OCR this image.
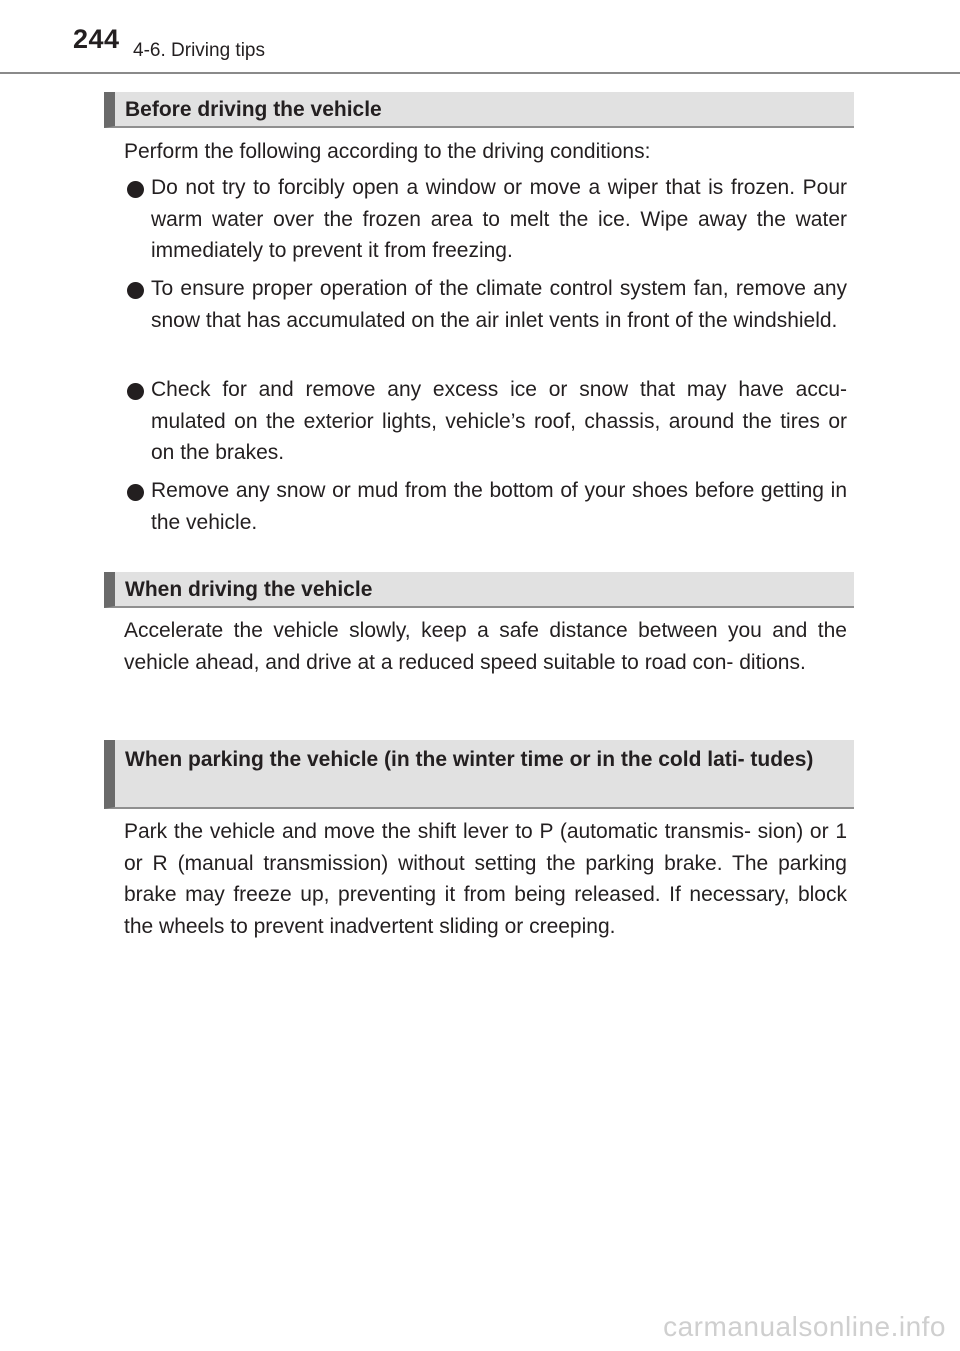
244 4-6. Driving tips
Before driving the vehicle

Perform the following according to the driving conditions:

Do not try to forcibly open a window or move a wiper that is frozen. Pour warm water over the frozen area to melt the ice. Wipe away the water immediately to prevent it from freezing.
To ensure proper operation of the climate control system fan, remove any snow that has accumulated on the air inlet vents in front of the windshield.
Check for and remove any excess ice or snow that may have accu- mulated on the exterior lights, vehicle’s roof, chassis, around the tires or on the brakes.
Remove any snow or mud from the bottom of your shoes before getting in the vehicle.
When driving the vehicle

Accelerate the vehicle slowly, keep a safe distance between you and the vehicle ahead, and drive at a reduced speed suitable to road con- ditions.

When parking the vehicle (in the winter time or in the cold lati- tudes)

Park the vehicle and move the shift lever to P (automatic transmis- sion) or 1 or R (manual transmission) without setting the parking brake. The parking brake may freeze up, preventing it from being released. If necessary, block the wheels to prevent inadvertent sliding or creeping.

carmanualsonline.info
